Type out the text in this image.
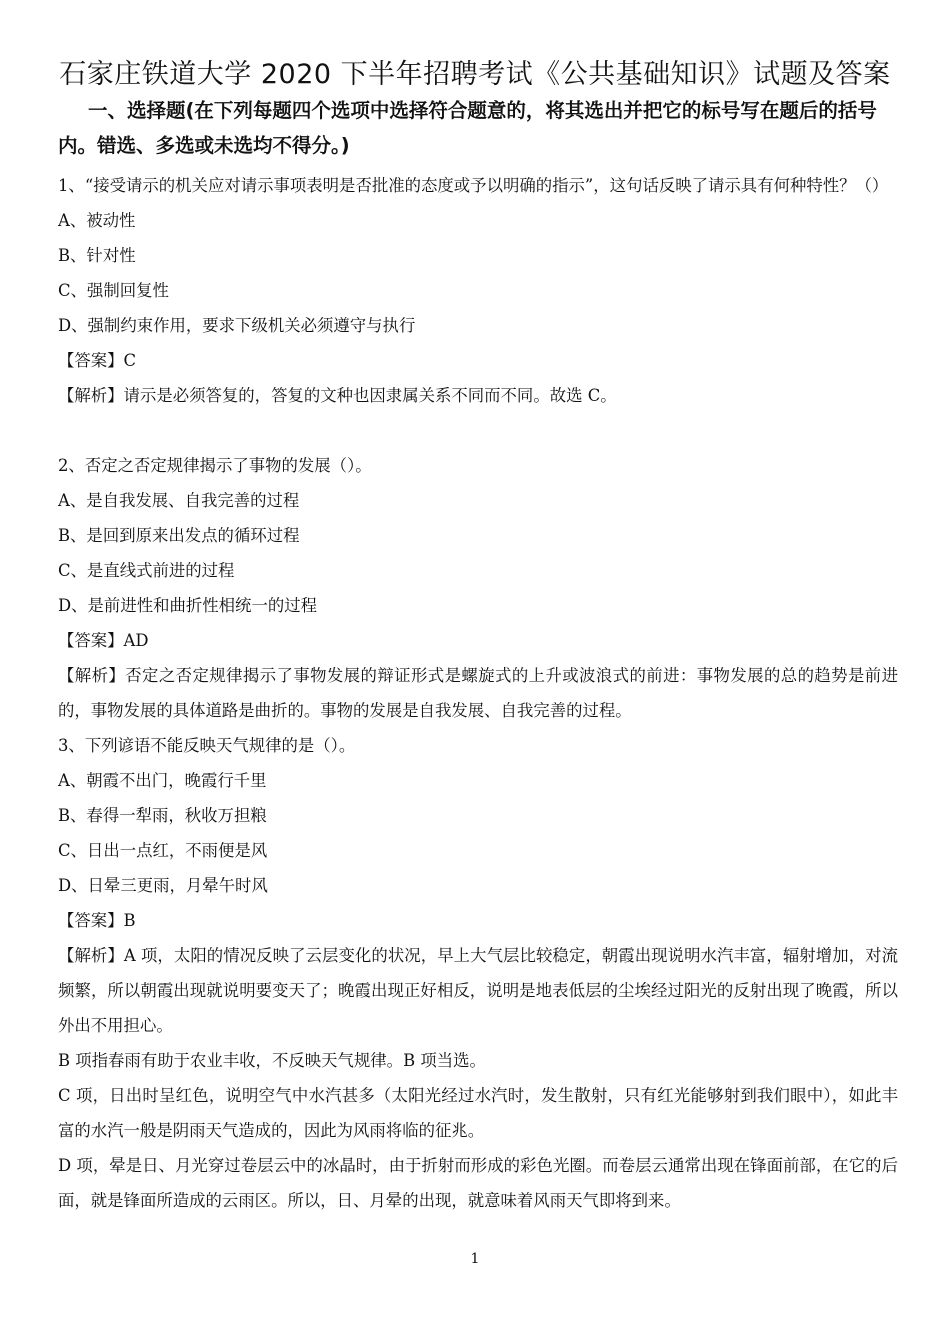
石家庄铁道大学 2020 下半年招聘考试《公共基础知识》试题及答案
一、选择题(在下列每题四个选项中选择符合题意的，将其选出并把它的标号写在题后的括号内。错选、多选或未选均不得分。)

1、“接受请示的机关应对请示事项表明是否批准的态度或予以明确的指示”，这句话反映了请示具有何种特性？（）

A、被动性

B、针对性

C、强制回复性

D、强制约束作用，要求下级机关必须遵守与执行

【答案】C

【解析】请示是必须答复的，答复的文种也因隶属关系不同而不同。故选 C。

2、否定之否定规律揭示了事物的发展（）。

A、是自我发展、自我完善的过程

B、是回到原来出发点的循环过程

C、是直线式前进的过程

D、是前进性和曲折性相统一的过程

【答案】AD

【解析】否定之否定规律揭示了事物发展的辩证形式是螺旋式的上升或波浪式的前进：事物发展的总的趋势是前进的，事物发展的具体道路是曲折的。事物的发展是自我发展、自我完善的过程。

3、下列谚语不能反映天气规律的是（）。

A、朝霞不出门，晚霞行千里

B、春得一犁雨，秋收万担粮

C、日出一点红，不雨便是风

D、日晕三更雨，月晕午时风

【答案】B

【解析】A 项，太阳的情况反映了云层变化的状况，早上大气层比较稳定，朝霞出现说明水汽丰富，辐射增加，对流频繁，所以朝霞出现就说明要变天了；晚霞出现正好相反，说明是地表低层的尘埃经过阳光的反射出现了晚霞，所以外出不用担心。

B 项指春雨有助于农业丰收，不反映天气规律。B 项当选。

C 项，日出时呈红色，说明空气中水汽甚多（太阳光经过水汽时，发生散射，只有红光能够射到我们眼中），如此丰富的水汽一般是阴雨天气造成的，因此为风雨将临的征兆。

D 项，晕是日、月光穿过卷层云中的冰晶时，由于折射而形成的彩色光圈。而卷层云通常出现在锋面前部，在它的后面，就是锋面所造成的云雨区。所以，日、月晕的出现，就意味着风雨天气即将到来。

1
